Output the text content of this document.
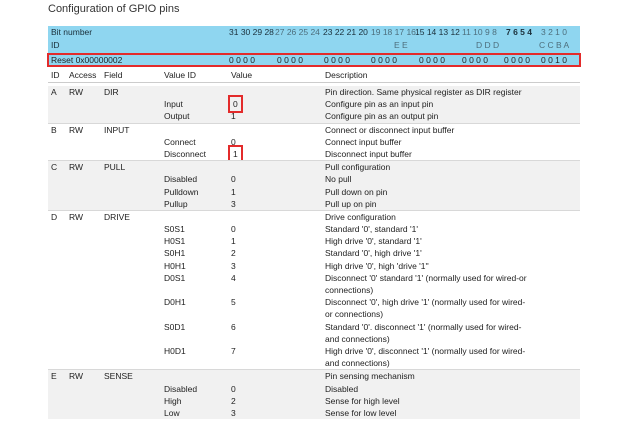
Configuration of GPIO pins
Bit number	31 30 29 28 27 26 25 24 23 22 21 20 19 18 17 16 15 14 13 12 11 10 9 8 7 6 5 4 3 2 1 0
ID	E E	D D D	C C B A
Reset 0x00000002	0 0 0 0	0 0 0 0 0 0 0 0 0 0 0 0	0 0 0 0 0 0 0 0 0 0 0 0 0 0 1 0
ID Access Field	Value ID	Value	Description
A RW DIR	Pin direction. Same physical register as DIR register
Input	0	Configure pin as an input pin
Output	1	Configure pin as an output pin
B RW INPUT	Connect or disconnect input buffer
Connect	0	Connect input buffer
Disconnect	1	Disconnect input buffer
C RW PULL	Pull configuration
Disabled	0	No pull
Pulldown	1	Pull down on pin
Pullup	3	Pull up on pin
D RW DRIVE	Drive configuration
S0S1	0	Standard '0', standard '1'
H0S1	1	High drive '0', standard '1'
S0H1	2	Standard '0', high drive '1'
H0H1	3	High drive '0', high 'drive '1''
D0S1	4	Disconnect '0' standard '1' (normally used for wired-or
connections)
D0H1	5	Disconnect '0', high drive '1' (normally used for wired-
or connections)
S0D1	6	Standard '0'. disconnect '1' (normally used for wired-
and connections)
H0D1	7	High drive '0', disconnect '1' (normally used for wired-
and connections)
E RW SENSE	Pin sensing mechanism
Disabled	0	Disabled
High	2	Sense for high level
Low	3	Sense for low level
